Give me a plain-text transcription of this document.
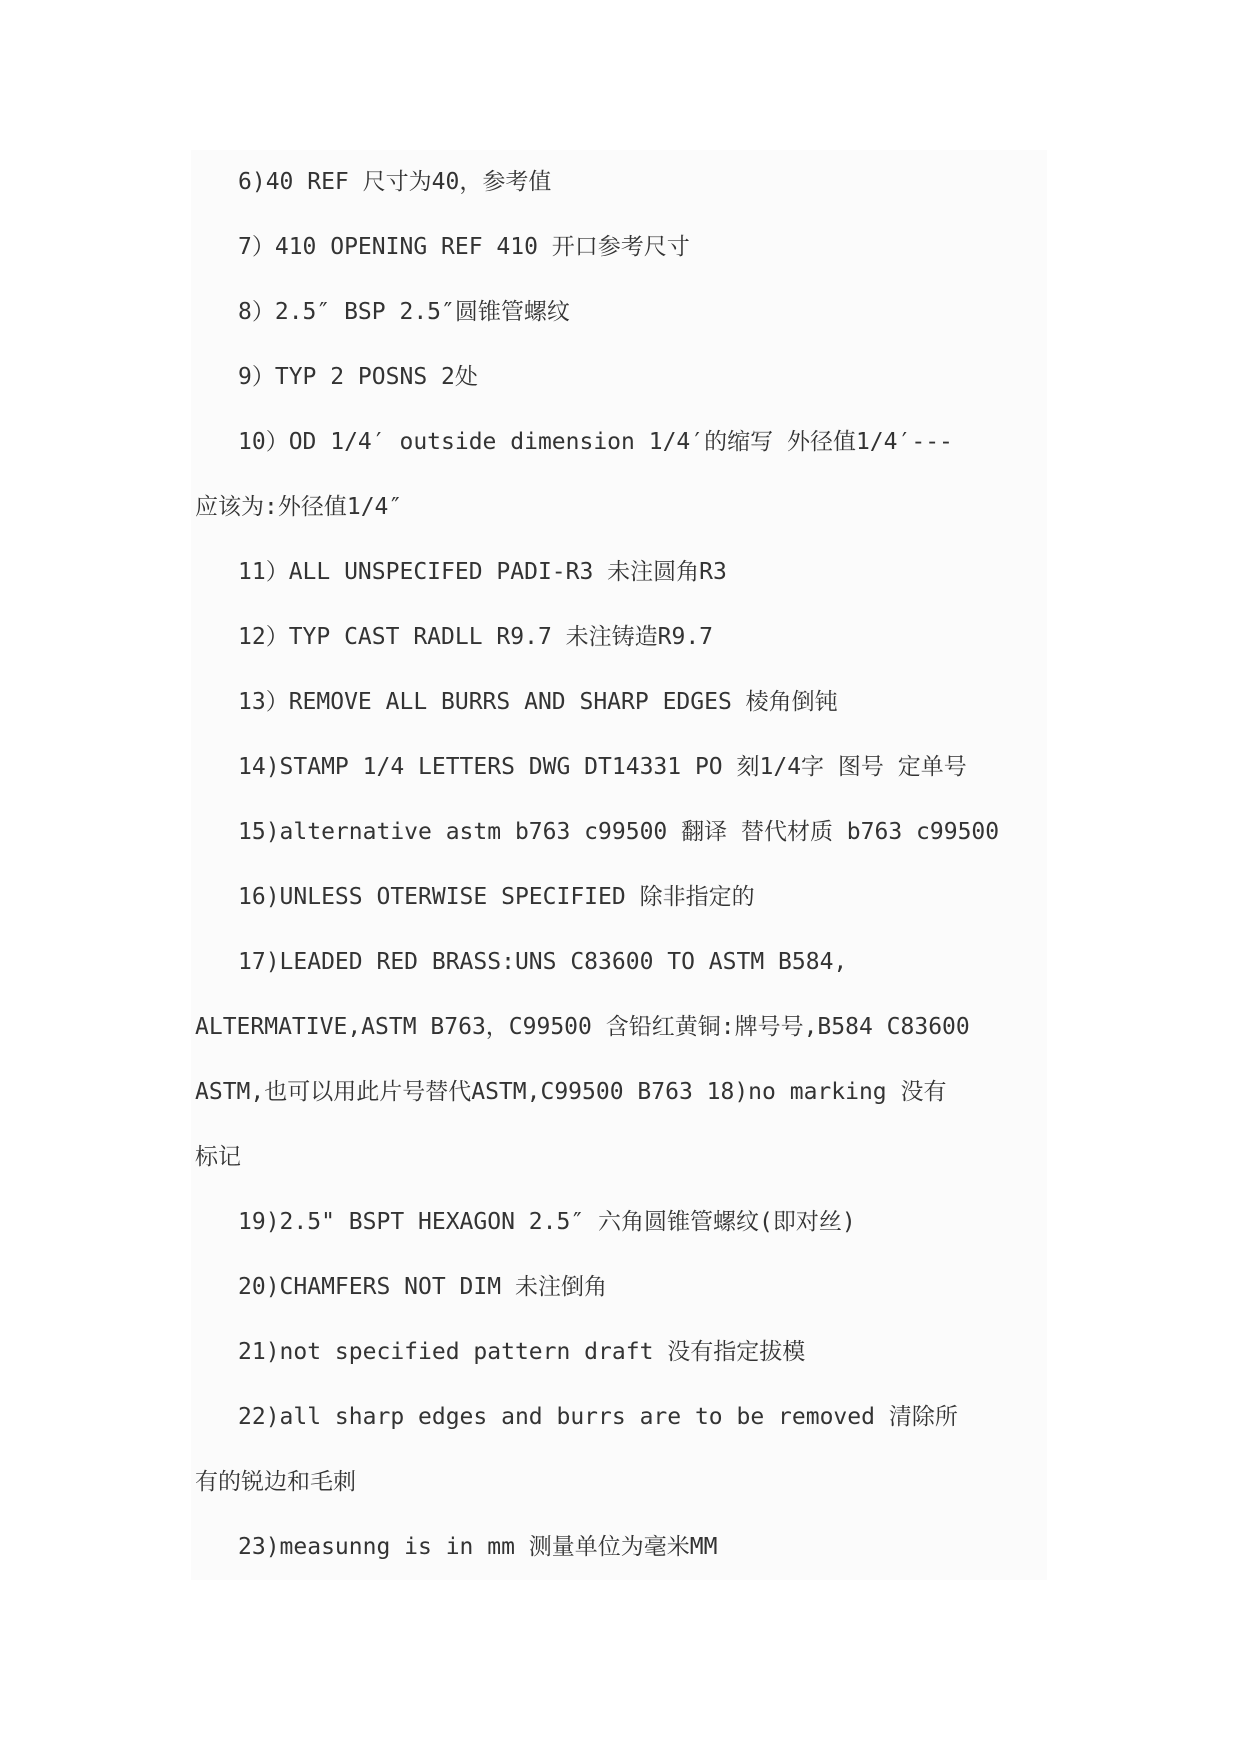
6)40 REF 尺寸为40，参考值
7）410 OPENING REF 410 开口参考尺寸
8）2.5″ BSP 2.5″圆锥管螺纹
9）TYP 2 POSNS 2处
10）OD 1/4′ outside dimension 1/4′的缩写 外径值1/4′---
应该为:外径值1/4″
11）ALL UNSPECIFED PADI-R3 未注圆角R3
12）TYP CAST RADLL R9.7 未注铸造R9.7
13）REMOVE ALL BURRS AND SHARP EDGES 棱角倒钝
14)STAMP 1/4 LETTERS DWG DT14331 PO 刻1/4字 图号 定单号
15)alternative astm b763 c99500 翻译 替代材质 b763 c99500
16)UNLESS OTERWISE SPECIFIED 除非指定的
17)LEADED RED BRASS:UNS C83600 TO ASTM B584,
ALTERMATIVE,ASTM B763，C99500 含铅红黄铜:牌号号,B584 C83600
ASTM,也可以用此片号替代ASTM,C99500 B763 18)no marking 没有
标记
19)2.5" BSPT HEXAGON 2.5″ 六角圆锥管螺纹(即对丝)
20)CHAMFERS NOT DIM 未注倒角
21)not specified pattern draft 没有指定拔模
22)all sharp edges and burrs are to be removed 清除所
有的锐边和毛刺
23)measunng is in mm 测量单位为毫米MM
